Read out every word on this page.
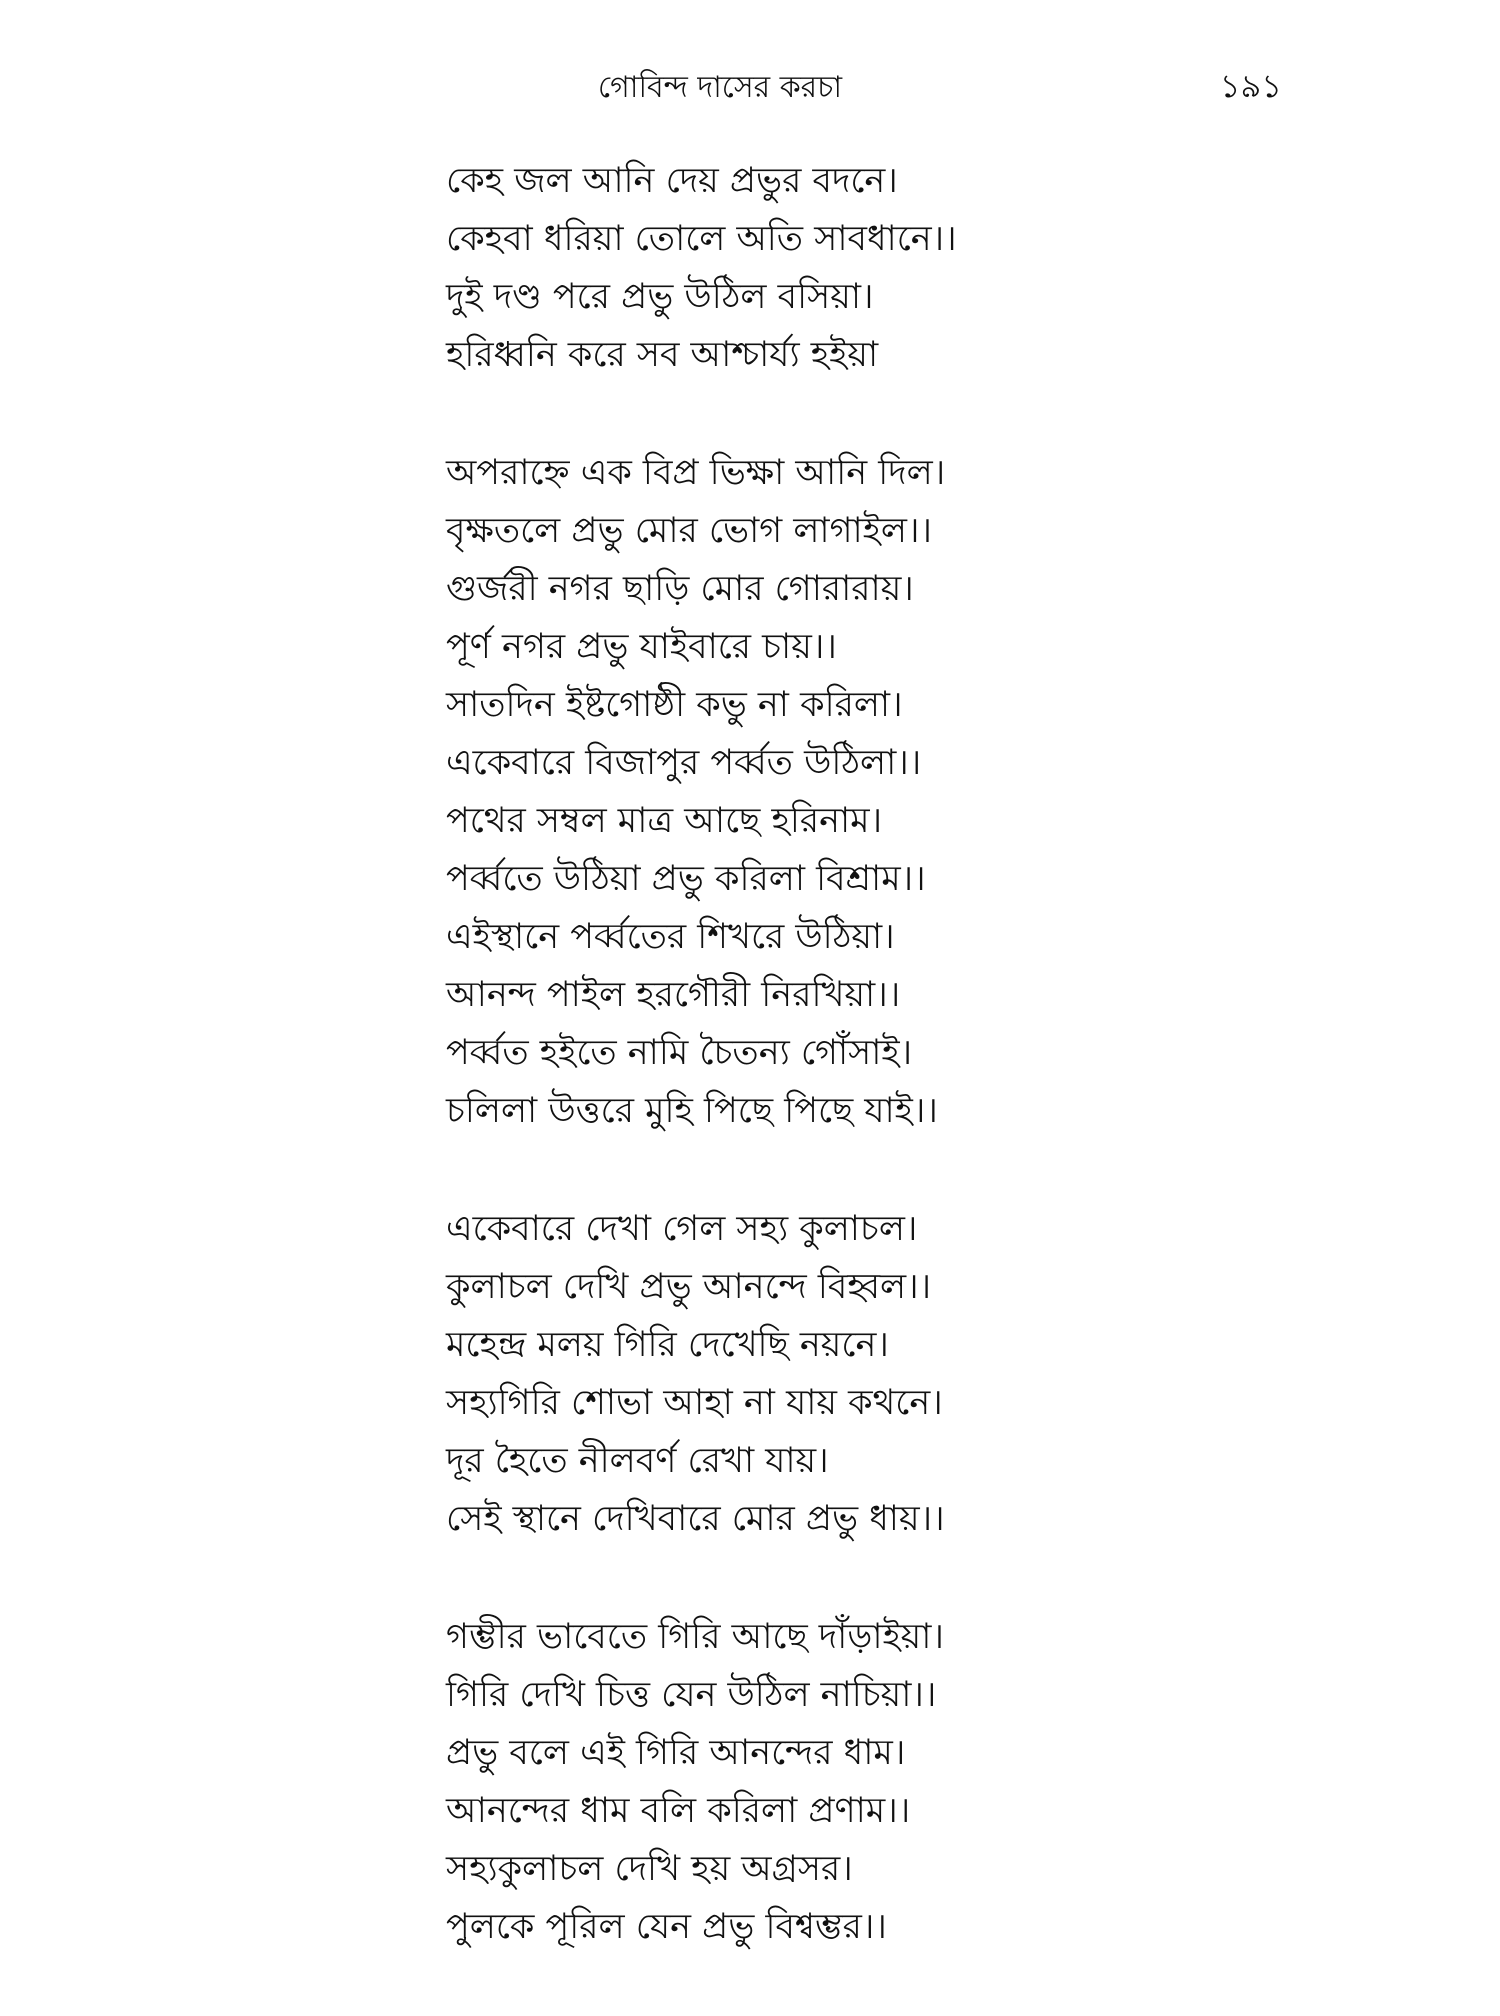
গোবিন্দ দাসের করচা	১৯১
কেহ জল আনি দেয় প্রভুর বদনে।
কেহবা ধরিয়া তোলে অতি সাবধানে।।
দুই দণ্ড পরে প্রভু উঠিল বসিয়া।
হরিধ্বনি করে সব আশ্চার্য্য হইয়া
অপরাহ্নে এক বিপ্র ভিক্ষা আনি দিল।
বৃক্ষতলে প্রভু মোর ভোগ লাগাইল।।
গুর্জরী নগর ছাড়ি মোর গোরারায়।
পূর্ণ নগর প্রভু যাইবারে চায়।।
সাতদিন ইষ্টগোষ্ঠী কভু না করিলা।
একেবারে বিজাপুর পর্ব্বত উঠিলা।।
পথের সম্বল মাত্র আছে হরিনাম।
পর্ব্বতে উঠিয়া প্রভু করিলা বিশ্রাম।।
এইস্থানে পর্ব্বতের শিখরে উঠিয়া।
আনন্দ পাইল হরগৌরী নিরখিয়া।।
পর্ব্বত হইতে নামি চৈতন্য গোঁসাই।
চলিলা উত্তরে মুহি পিছে পিছে যাই।।
একেবারে দেখা গেল সহ্য কুলাচল।
কুলাচল দেখি প্রভু আনন্দে বিহ্বল।।
মহেন্দ্র মলয় গিরি দেখেছি নয়নে।
সহ্যগিরি শোভা আহা না যায় কথনে।
দূর হৈতে নীলবর্ণ রেখা যায়।
সেই স্থানে দেখিবারে মোর প্রভু ধায়।।
গম্ভীর ভাবেতে গিরি আছে দাঁড়াইয়া।
গিরি দেখি চিত্ত যেন উঠিল নাচিয়া।।
প্রভু বলে এই গিরি আনন্দের ধাম।
আনন্দের ধাম বলি করিলা প্রণাম।।
সহ্যকুলাচল দেখি হয় অগ্রসর।
পুলকে পূরিল যেন প্রভু বিশ্বম্ভর।।
